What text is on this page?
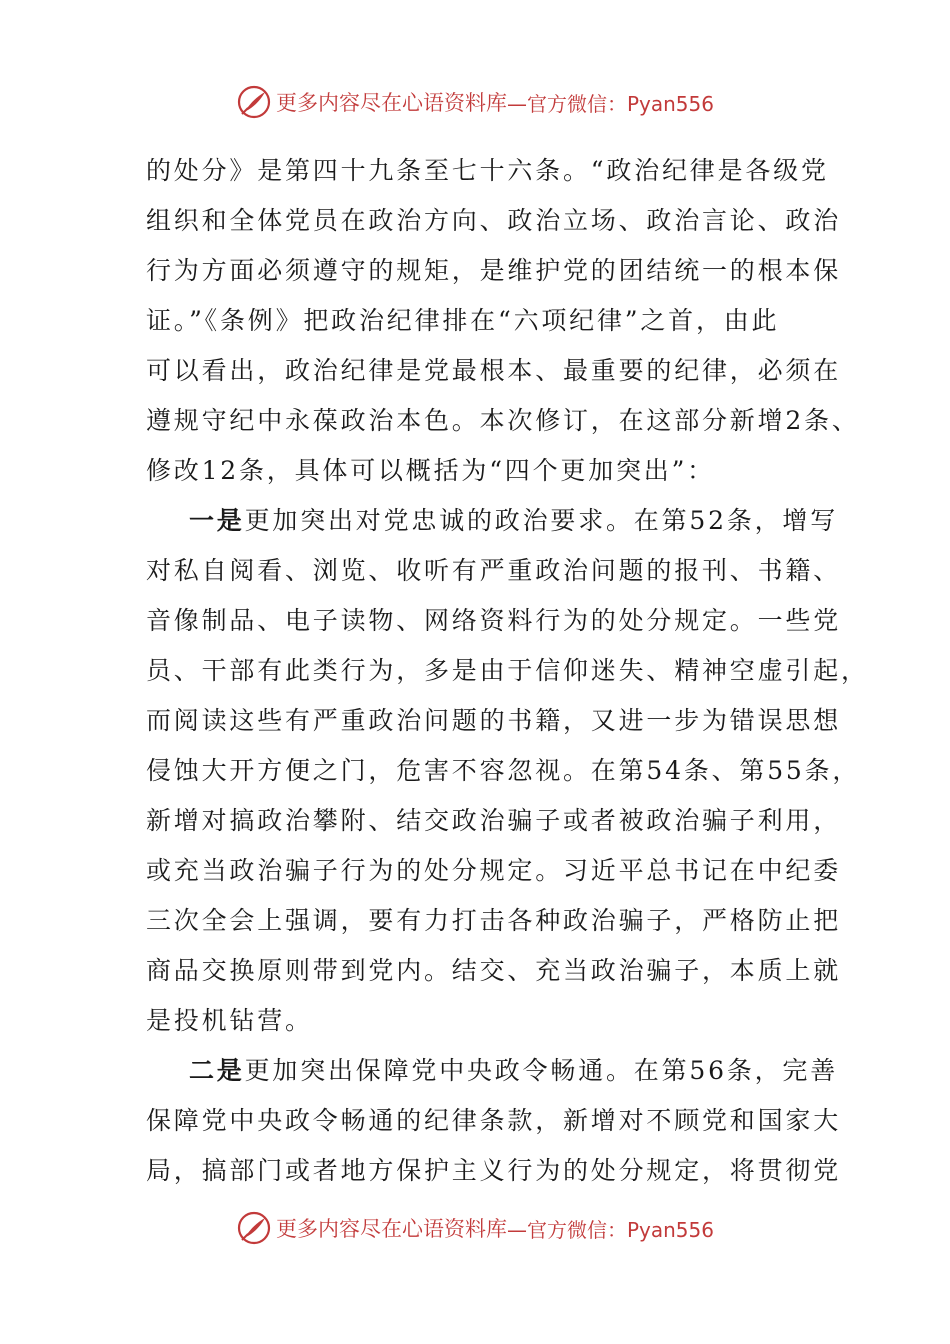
更多内容尽在心语资料库 —官方微信：Pyan556
的处分》是第四十九条至七十六条。“政治纪律是各级党
组织和全体党员在政治方向、政治立场、政治言论、政治
行为方面必须遵守的规矩，是维护党的团结统一的根本保
证。”《条例》把政治纪律排在“六项纪律”之首，由此
可以看出，政治纪律是党最根本、最重要的纪律，必须在
遵规守纪中永葆政治本色。本次修订，在这部分新增2条、
修改12条，具体可以概括为“四个更加突出”：
一是更加突出对党忠诚的政治要求。在第52条，增写
对私自阅看、浏览、收听有严重政治问题的报刊、书籍、
音像制品、电子读物、网络资料行为的处分规定。一些党
员、干部有此类行为，多是由于信仰迷失、精神空虚引起，
而阅读这些有严重政治问题的书籍，又进一步为错误思想
侵蚀大开方便之门，危害不容忽视。在第54条、第55条，
新增对搞政治攀附、结交政治骗子或者被政治骗子利用，
或充当政治骗子行为的处分规定。习近平总书记在中纪委
三次全会上强调，要有力打击各种政治骗子，严格防止把
商品交换原则带到党内。结交、充当政治骗子，本质上就
是投机钻营。
二是更加突出保障党中央政令畅通。在第56条，完善
保障党中央政令畅通的纪律条款，新增对不顾党和国家大
局，搞部门或者地方保护主义行为的处分规定，将贯彻党
更多内容尽在心语资料库 —官方微信：Pyan556
